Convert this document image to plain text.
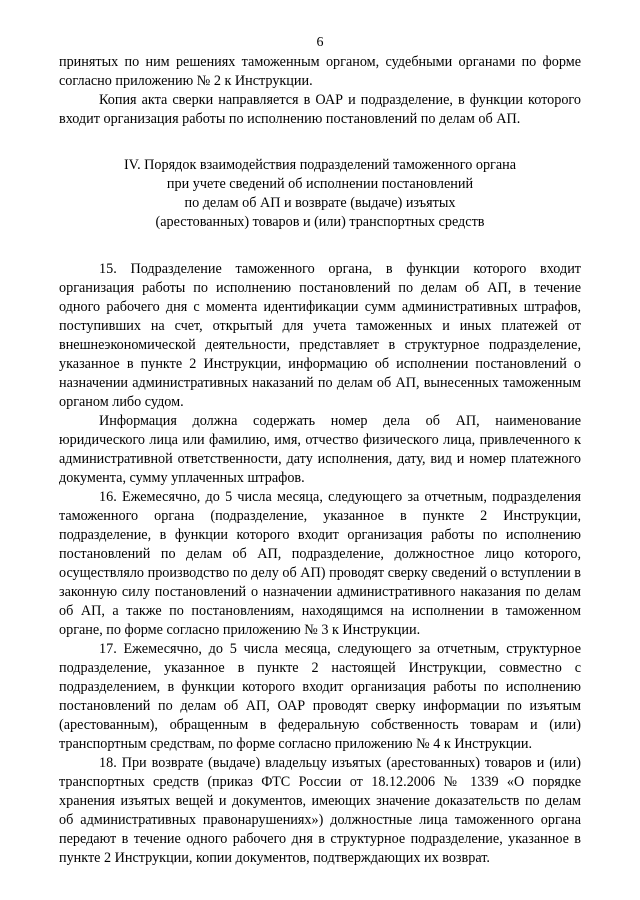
6

принятых по ним решениях таможенным органом, судебными органами по форме согласно приложению № 2 к Инструкции.

Копия акта сверки направляется в ОАР и подразделение, в функции которого входит организация работы по исполнению постановлений по делам об АП.

IV. Порядок взаимодействия подразделений таможенного органа
при учете сведений об исполнении постановлений
по делам об АП и возврате (выдаче) изъятых
(арестованных) товаров и (или) транспортных средств

15. Подразделение таможенного органа, в функции которого входит организация работы по исполнению постановлений по делам об АП, в течение одного рабочего дня с момента идентификации сумм административных штрафов, поступивших на счет, открытый для учета таможенных и иных платежей от внешнеэкономической деятельности, представляет в структурное подразделение, указанное в пункте 2 Инструкции, информацию об исполнении постановлений о назначении административных наказаний по делам об АП, вынесенных таможенным органом либо судом.

Информация должна содержать номер дела об АП, наименование юридического лица или фамилию, имя, отчество физического лица, привлеченного к административной ответственности, дату исполнения, дату, вид и номер платежного документа, сумму уплаченных штрафов.

16. Ежемесячно, до 5 числа месяца, следующего за отчетным, подразделения таможенного органа (подразделение, указанное в пункте 2 Инструкции, подразделение, в функции которого входит организация работы по исполнению постановлений по делам об АП, подразделение, должностное лицо которого, осуществляло производство по делу об АП) проводят сверку сведений о вступлении в законную силу постановлений о назначении административного наказания по делам об АП, а также по постановлениям, находящимся на исполнении в таможенном органе, по форме согласно приложению № 3 к Инструкции.

17. Ежемесячно, до 5 числа месяца, следующего за отчетным, структурное подразделение, указанное в пункте 2 настоящей Инструкции, совместно с подразделением, в функции которого входит организация работы по исполнению постановлений по делам об АП, ОАР проводят сверку информации по изъятым (арестованным), обращенным в федеральную собственность товарам и (или) транспортным средствам, по форме согласно приложению № 4 к Инструкции.

18. При возврате (выдаче) владельцу изъятых (арестованных) товаров и (или) транспортных средств (приказ ФТС России от 18.12.2006 № 1339 «О порядке хранения изъятых вещей и документов, имеющих значение доказательств по делам об административных правонарушениях») должностные лица таможенного органа передают в течение одного рабочего дня в структурное подразделение, указанное в пункте 2 Инструкции, копии документов, подтверждающих их возврат.
